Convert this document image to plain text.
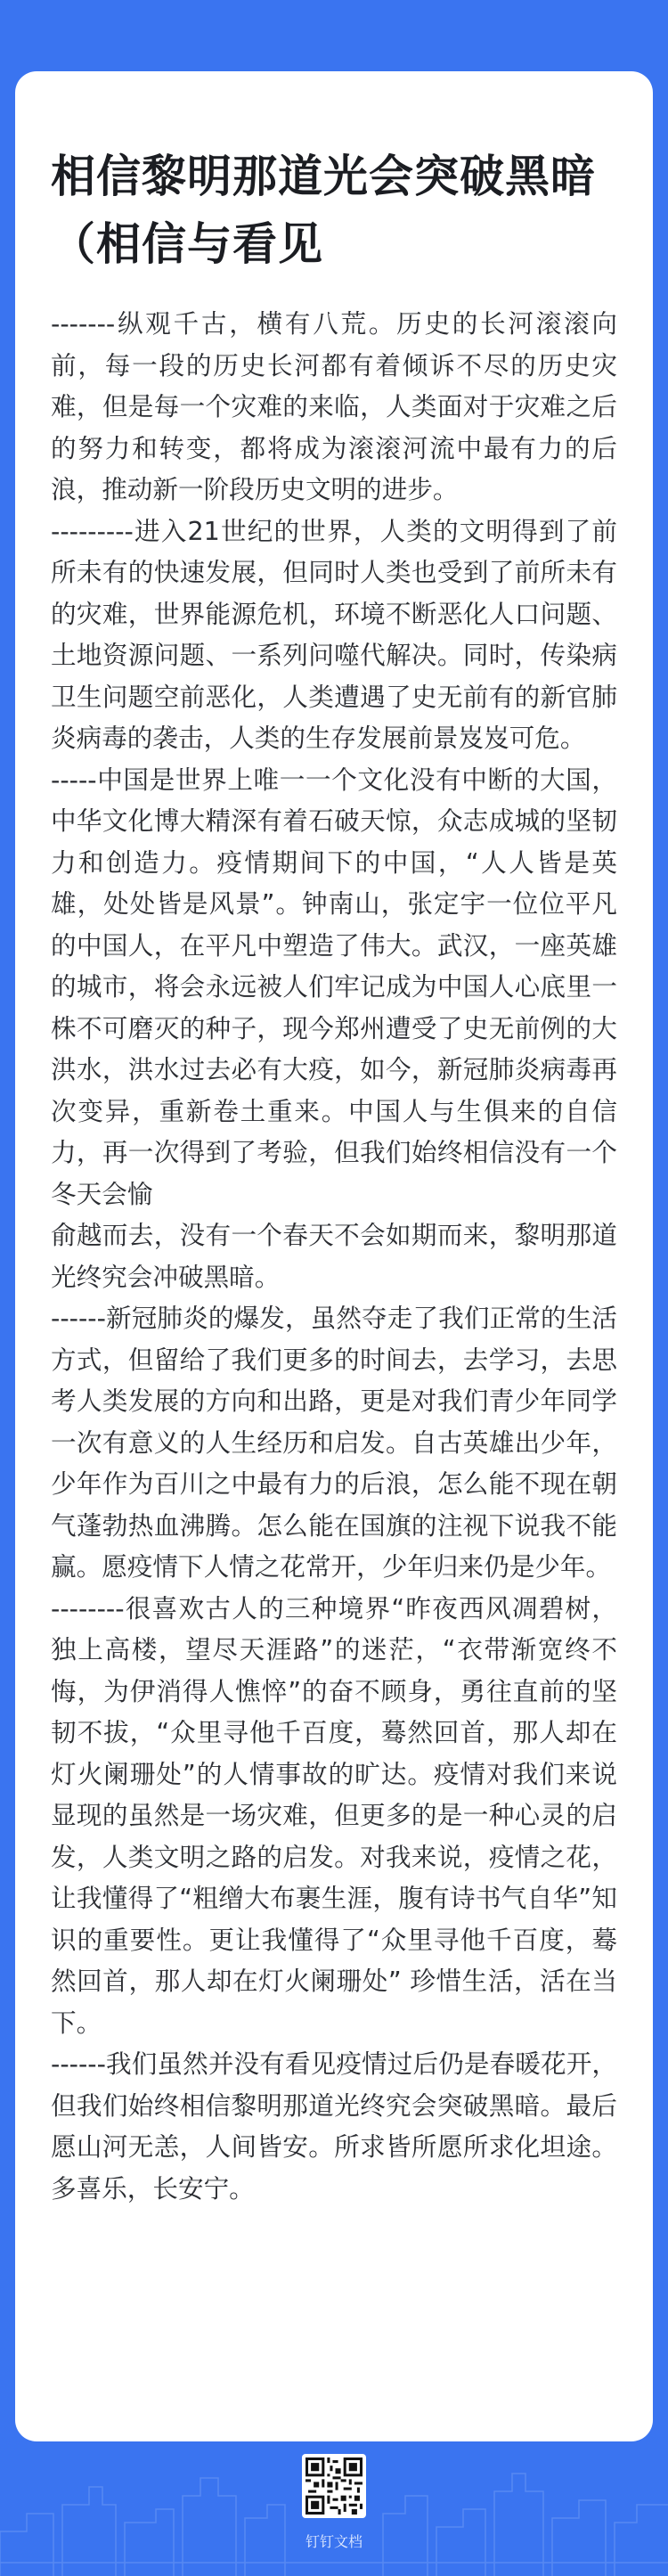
相信黎明那道光会突破黑暗（相信与看见

-------纵观千古，横有八荒。历史的长河滚滚向前，每一段的历史长河都有着倾诉不尽的历史灾难，但是每一个灾难的来临，人类面对于灾难之后的努力和转变，都将成为滚滚河流中最有力的后浪，推动新一阶段历史文明的进步。

---------进入21世纪的世界，人类的文明得到了前所未有的快速发展，但同时人类也受到了前所未有的灾难，世界能源危机，环境不断恶化人口问题、土地资源问题、一系列问噬代解决。同时，传染病卫生问题空前恶化，人类遭遇了史无前有的新官肺炎病毒的袭击，人类的生存发展前景岌岌可危。

-----中国是世界上唯一一个文化没有中断的大国，中华文化博大精深有着石破天惊，众志成城的坚韧力和创造力。疫情期间下的中国，“人人皆是英雄，处处皆是风景”。钟南山，张定宇一位位平凡的中国人，在平凡中塑造了伟大。武汉，一座英雄的城市，将会永远被人们牢记成为中国人心底里一株不可磨灭的种子，现今郑州遭受了史无前例的大洪水，洪水过去必有大疫，如今，新冠肺炎病毒再次变异，重新卷土重来。中国人与生俱来的自信力，再一次得到了考验，但我们始终相信没有一个冬天会愉

俞越而去，没有一个春天不会如期而来，黎明那道光终究会冲破黑暗。

------新冠肺炎的爆发，虽然夺走了我们正常的生活方式，但留给了我们更多的时间去，去学习，去思考人类发展的方向和出路，更是对我们青少年同学一次有意义的人生经历和启发。自古英雄出少年，少年作为百川之中最有力的后浪，怎么能不现在朝气蓬勃热血沸腾。怎么能在国旗的注视下说我不能赢。愿疫情下人情之花常开，少年归来仍是少年。

--------很喜欢古人的三种境界“昨夜西风凋碧树，独上高楼，望尽天涯路”的迷茫，“衣带渐宽终不悔，为伊消得人憔悴”的奋不顾身，勇往直前的坚韧不拔，“众里寻他千百度，蓦然回首，那人却在灯火阑珊处”的人情事故的旷达。疫情对我们来说显现的虽然是一场灾难，但更多的是一种心灵的启发，人类文明之路的启发。对我来说，疫情之花，让我懂得了“粗缯大布裹生涯，腹有诗书气自华”知识的重要性。更让我懂得了“众里寻他千百度，蓦然回首，那人却在灯火阑珊处” 珍惜生活，活在当下。

------我们虽然并没有看见疫情过后仍是春暖花开，但我们始终相信黎明那道光终究会突破黑暗。最后愿山河无恙，人间皆安。所求皆所愿所求化坦途。多喜乐，长安宁。

钉钉文档
